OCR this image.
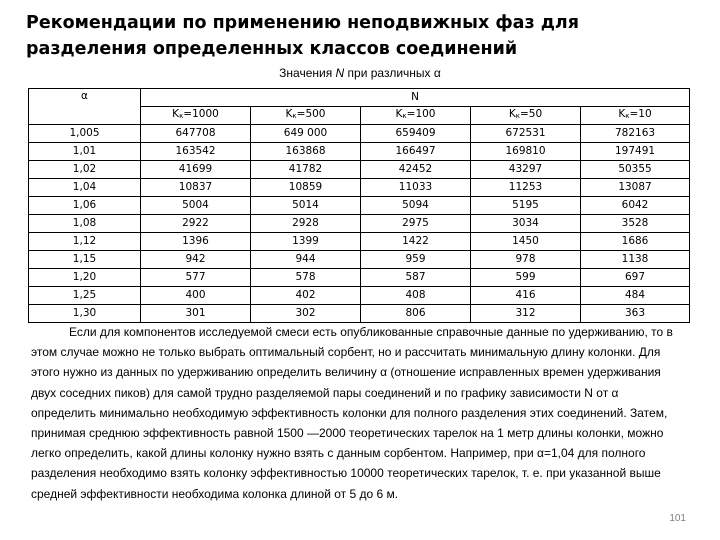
Рекомендации по применению неподвижных фаз для разделения определенных классов соединений
Значения N при различных α
α	N				
	Kк=1000	Kк=500	Kк=100	Kк=50	Kк=10
1,005	647708	649 000	659409	672531	782163
1,01	163542	163868	166497	169810	197491
1,02	41699	41782	42452	43297	50355
1,04	10837	10859	11033	11253	13087
1,06	5004	5014	5094	5195	6042
1,08	2922	2928	2975	3034	3528
1,12	1396	1399	1422	1450	1686
1,15	942	944	959	978	1138
1,20	577	578	587	599	697
1,25	400	402	408	416	484
1,30	301	302	806	312	363

Если для компонентов исследуемой смеси есть опубликованные справочные данные по удерживанию, то в этом случае можно не только выбрать оптимальный сорбент, но и рассчитать минимальную длину колонки. Для этого нужно из данных по удерживанию определить величину α (отношение исправленных времен удерживания двух соседних пиков) для самой трудно разделяемой пары соединений и по графику зависимости N от α определить минимально необходимую эффективность колонки для полного разделения этих соединений. Затем, принимая среднюю эффективность равной 1500 —2000 теоретических тарелок на 1 метр длины колонки, можно легко определить, какой длины колонку нужно взять с данным сорбентом. Например, при α=1,04 для полного разделения необходимо взять колонку эффективностью 10000 теоретических тарелок, т. е. при указанной выше средней эффективности необходима колонка длиной от 5 до 6 м.

101
